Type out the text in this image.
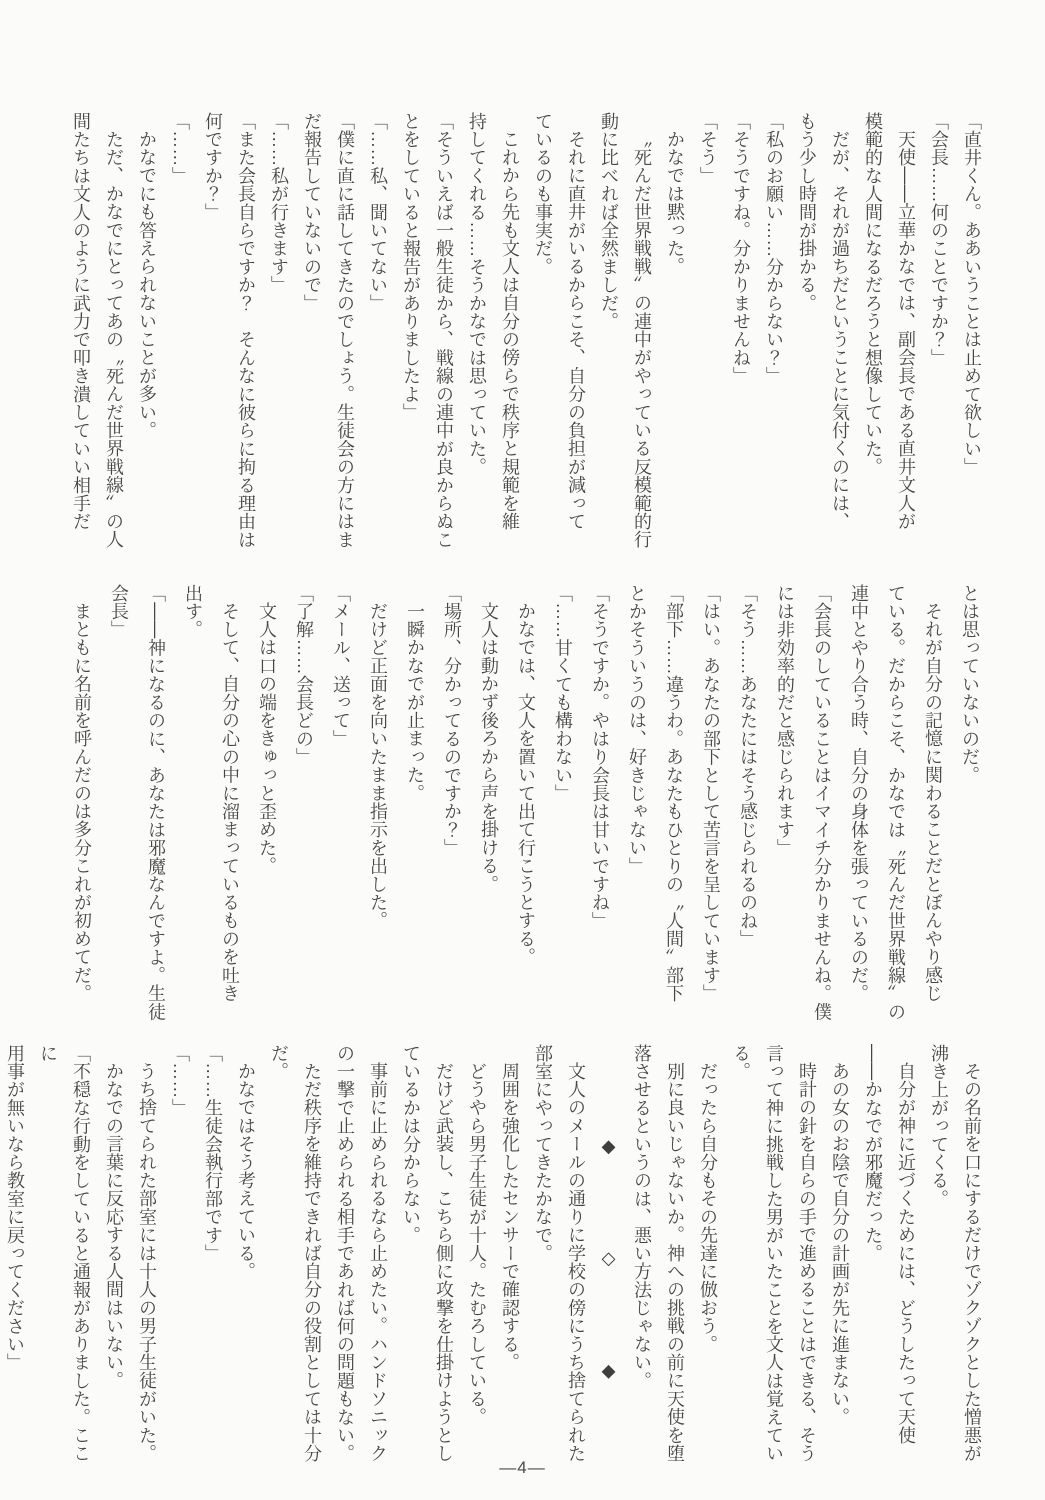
「直井くん。ああいうことは止めて欲しい」

「会長……何のことですか？」

天使——立華かなでは、副会長である直井文人が

模範的な人間になるだろうと想像していた。

だが、それが過ちだということに気付くのには、

もう少し時間が掛かる。

「私のお願い……分からない？」

「そうですね。分かりませんね」

「そう」

かなでは黙った。

〝死んだ世界戦戦〟の連中がやっている反模範的行

動に比べれば全然ましだ。

それに直井がいるからこそ、自分の負担が減って

ているのも事実だ。

これから先も文人は自分の傍らで秩序と規範を維

持してくれる……そうかなでは思っていた。

「そういえば一般生徒から、戦線の連中が良からぬこ

とをしていると報告がありましたよ」

「……私、聞いてない」

「僕に直に話してきたのでしょう。生徒会の方にはま

だ報告していないので」

「……私が行きます」

「また会長自らですか？　そんなに彼らに拘る理由は

何ですか？」

「……」

かなでにも答えられないことが多い。

ただ、かなでにとってあの〝死んだ世界戦線〟の人

間たちは文人のように武力で叩き潰していい相手だ

とは思っていないのだ。

それが自分の記憶に関わることだとぼんやり感じ

ている。だからこそ、かなでは〝死んだ世界戦線〟の

連中とやり合う時、自分の身体を張っているのだ。

「会長のしていることはイマイチ分かりませんね。僕

には非効率的だと感じられます」

「そう……あなたにはそう感じられるのね」

「はい。あなたの部下として苦言を呈しています」

「部下……違うわ。あなたもひとりの〝人間〟部下

とかそういうのは、好きじゃない」

「そうですか。やはり会長は甘いですね」

「……甘くても構わない」

かなでは、文人を置いて出て行こうとする。

文人は動かず後ろから声を掛ける。

「場所、分かってるのですか？」

一瞬かなでが止まった。

だけど正面を向いたまま指示を出した。

「メール、送って」

「了解……会長どの」

文人は口の端をきゅっと歪めた。

そして、自分の心の中に溜まっているものを吐き

出す。

「——神になるのに、あなたは邪魔なんですよ。生徒

会長」

まともに名前を呼んだのは多分これが初めてだ。

その名前を口にするだけでゾクゾクとした憎悪が

沸き上がってくる。

自分が神に近づくためには、どうしたって天使

——かなでが邪魔だった。

あの女のお陰で自分の計画が先に進まない。

時計の針を自らの手で進めることはできる、そう

言って神に挑戦した男がいたことを文人は覚えてい

る。

だったら自分もその先達に倣おう。

別に良いじゃないか。神への挑戦の前に天使を堕

落させるというのは、悪い方法じゃない。

◆　　　　　◇　　　　　◆

文人のメールの通りに学校の傍にうち捨てられた

部室にやってきたかなで。

周囲を強化したセンサーで確認する。

どうやら男子生徒が十人。たむろしている。

だけど武装し、こちら側に攻撃を仕掛けようとし

ているかは分からない。

事前に止められるなら止めたい。ハンドソニック

の一撃で止められる相手であれば何の問題もない。

ただ秩序を維持できれば自分の役割としては十分だ。

かなではそう考えている。

「……生徒会執行部です」

「……」

うち捨てられた部室には十人の男子生徒がいた。

かなでの言葉に反応する人間はいない。

「不穏な行動をしていると通報がありました。ここに

用事が無いなら教室に戻ってください」

—4—
